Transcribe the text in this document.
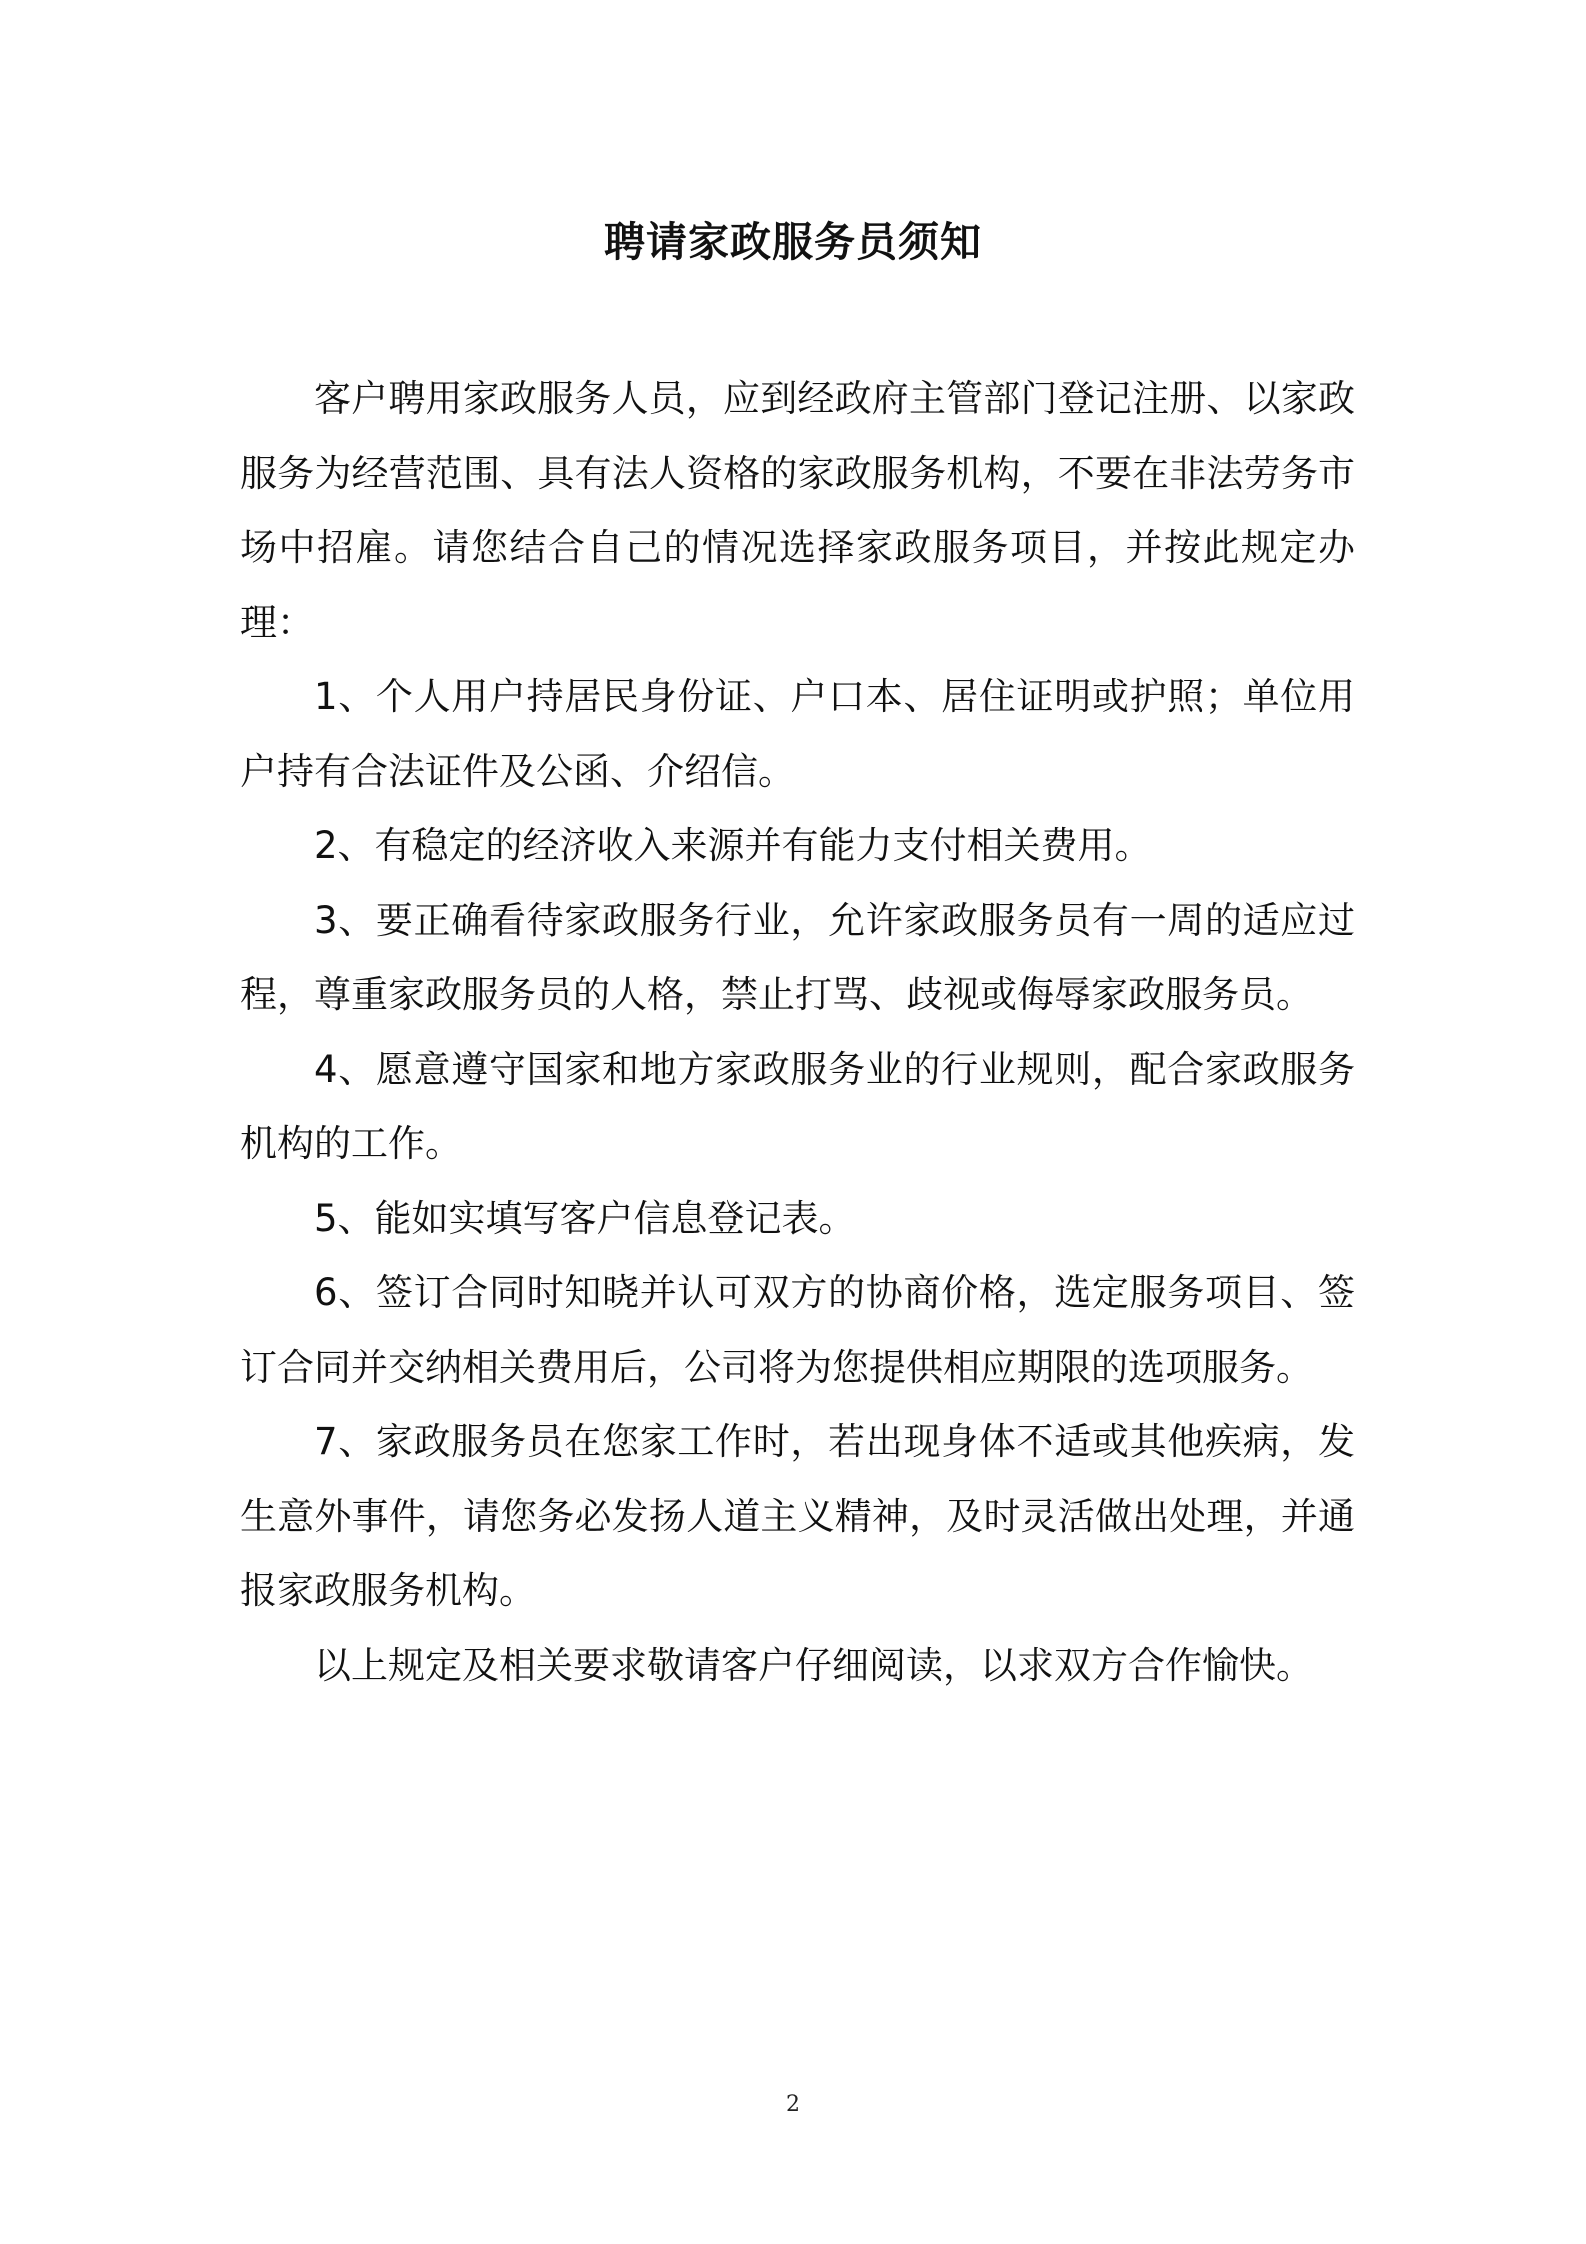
聘请家政服务员须知

客户聘用家政服务人员，应到经政府主管部门登记注册、以家政服务为经营范围、具有法人资格的家政服务机构，不要在非法劳务市场中招雇。请您结合自己的情况选择家政服务项目，并按此规定办理：

1、个人用户持居民身份证、户口本、居住证明或护照；单位用户持有合法证件及公函、介绍信。

2、有稳定的经济收入来源并有能力支付相关费用。

3、要正确看待家政服务行业，允许家政服务员有一周的适应过程，尊重家政服务员的人格，禁止打骂、歧视或侮辱家政服务员。

4、愿意遵守国家和地方家政服务业的行业规则，配合家政服务机构的工作。

5、能如实填写客户信息登记表。

6、签订合同时知晓并认可双方的协商价格，选定服务项目、签订合同并交纳相关费用后，公司将为您提供相应期限的选项服务。

7、家政服务员在您家工作时，若出现身体不适或其他疾病，发生意外事件，请您务必发扬人道主义精神，及时灵活做出处理，并通报家政服务机构。

以上规定及相关要求敬请客户仔细阅读，以求双方合作愉快。

2
